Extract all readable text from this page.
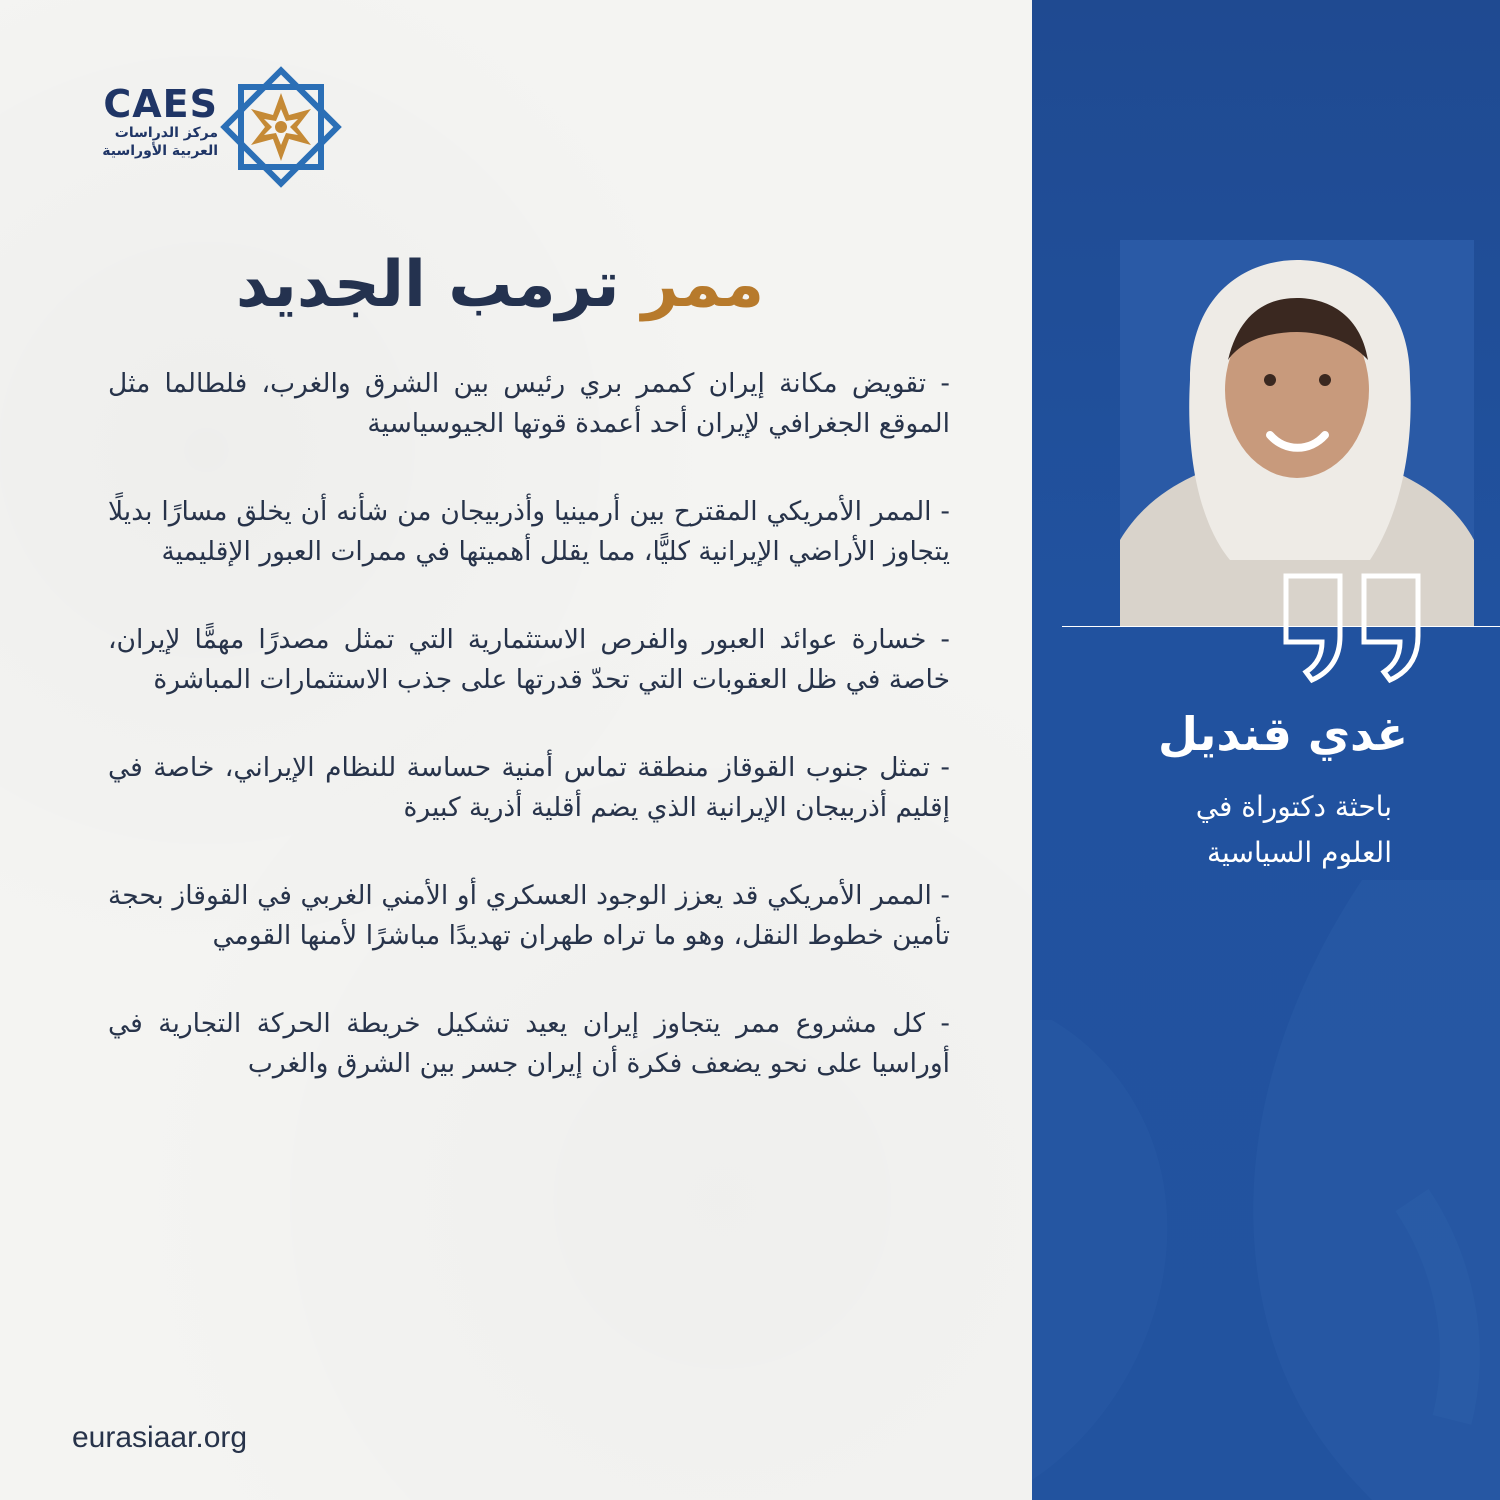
CAES
مركز الدراسات
العربية الأوراسية
ممر ترمب الجديد

- تقويض مكانة إيران كممر بري رئيس بين الشرق والغرب، فلطالما مثل الموقع الجغرافي لإيران أحد أعمدة قوتها الجيوسياسية

- الممر الأمريكي المقترح بين أرمينيا وأذربيجان من شأنه أن يخلق مسارًا بديلًا يتجاوز الأراضي الإيرانية كليًّا، مما يقلل أهميتها في ممرات العبور الإقليمية

- خسارة عوائد العبور والفرص الاستثمارية التي تمثل مصدرًا مهمًّا لإيران، خاصة في ظل العقوبات التي تحدّ قدرتها على جذب الاستثمارات المباشرة

- تمثل جنوب القوقاز منطقة تماس أمنية حساسة للنظام الإيراني، خاصة في إقليم أذربيجان الإيرانية الذي يضم أقلية أذرية كبيرة

- الممر الأمريكي قد يعزز الوجود العسكري أو الأمني الغربي في القوقاز بحجة تأمين خطوط النقل، وهو ما تراه طهران تهديدًا مباشرًا لأمنها القومي

- كل مشروع ممر يتجاوز إيران يعيد تشكيل خريطة الحركة التجارية في أوراسيا على نحو يضعف فكرة أن إيران جسر بين الشرق والغرب

eurasiaar.org
غدي قنديل
باحثة دكتوراة في
العلوم السياسية
